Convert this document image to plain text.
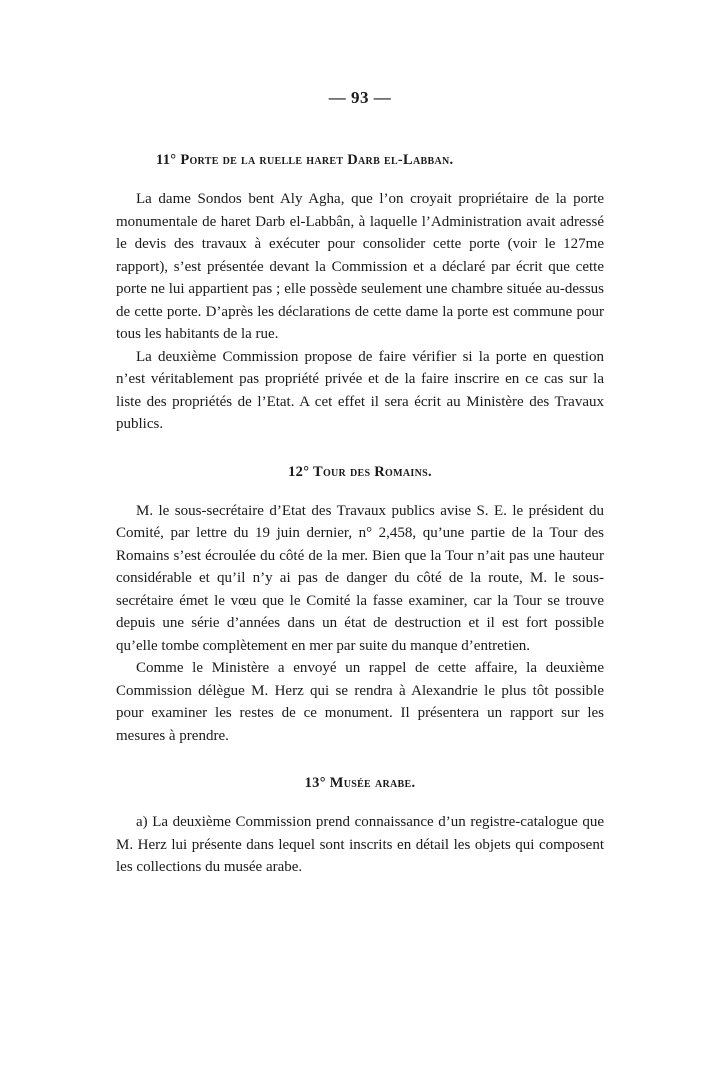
— 93 —
11° Porte de la ruelle haret Darb el-Labban.

La dame Sondos bent Aly Agha, que l’on croyait propriétaire de la porte monumentale de haret Darb el-Labbân, à laquelle l’Administration avait adressé le devis des travaux à exécuter pour consolider cette porte (voir le 127me rapport), s’est présentée devant la Commission et a déclaré par écrit que cette porte ne lui appartient pas ; elle possède seulement une chambre située au-dessus de cette porte. D’après les déclarations de cette dame la porte est commune pour tous les habitants de la rue.

La deuxième Commission propose de faire vérifier si la porte en question n’est véritablement pas propriété privée et de la faire inscrire en ce cas sur la liste des propriétés de l’Etat. A cet effet il sera écrit au Ministère des Travaux publics.

12° Tour des Romains.

M. le sous-secrétaire d’Etat des Travaux publics avise S. E. le président du Comité, par lettre du 19 juin dernier, n° 2,458, qu’une partie de la Tour des Romains s’est écroulée du côté de la mer. Bien que la Tour n’ait pas une hauteur considérable et qu’il n’y ai pas de danger du côté de la route, M. le sous-secrétaire émet le vœu que le Comité la fasse examiner, car la Tour se trouve depuis une série d’années dans un état de destruction et il est fort possible qu’elle tombe complètement en mer par suite du manque d’entretien.

Comme le Ministère a envoyé un rappel de cette affaire, la deuxième Commission délègue M. Herz qui se rendra à Alexandrie le plus tôt possible pour examiner les restes de ce monument. Il présentera un rapport sur les mesures à prendre.

13° Musée arabe.

a) La deuxième Commission prend connaissance d’un registre-catalogue que M. Herz lui présente dans lequel sont inscrits en détail les objets qui composent les collections du musée arabe.
